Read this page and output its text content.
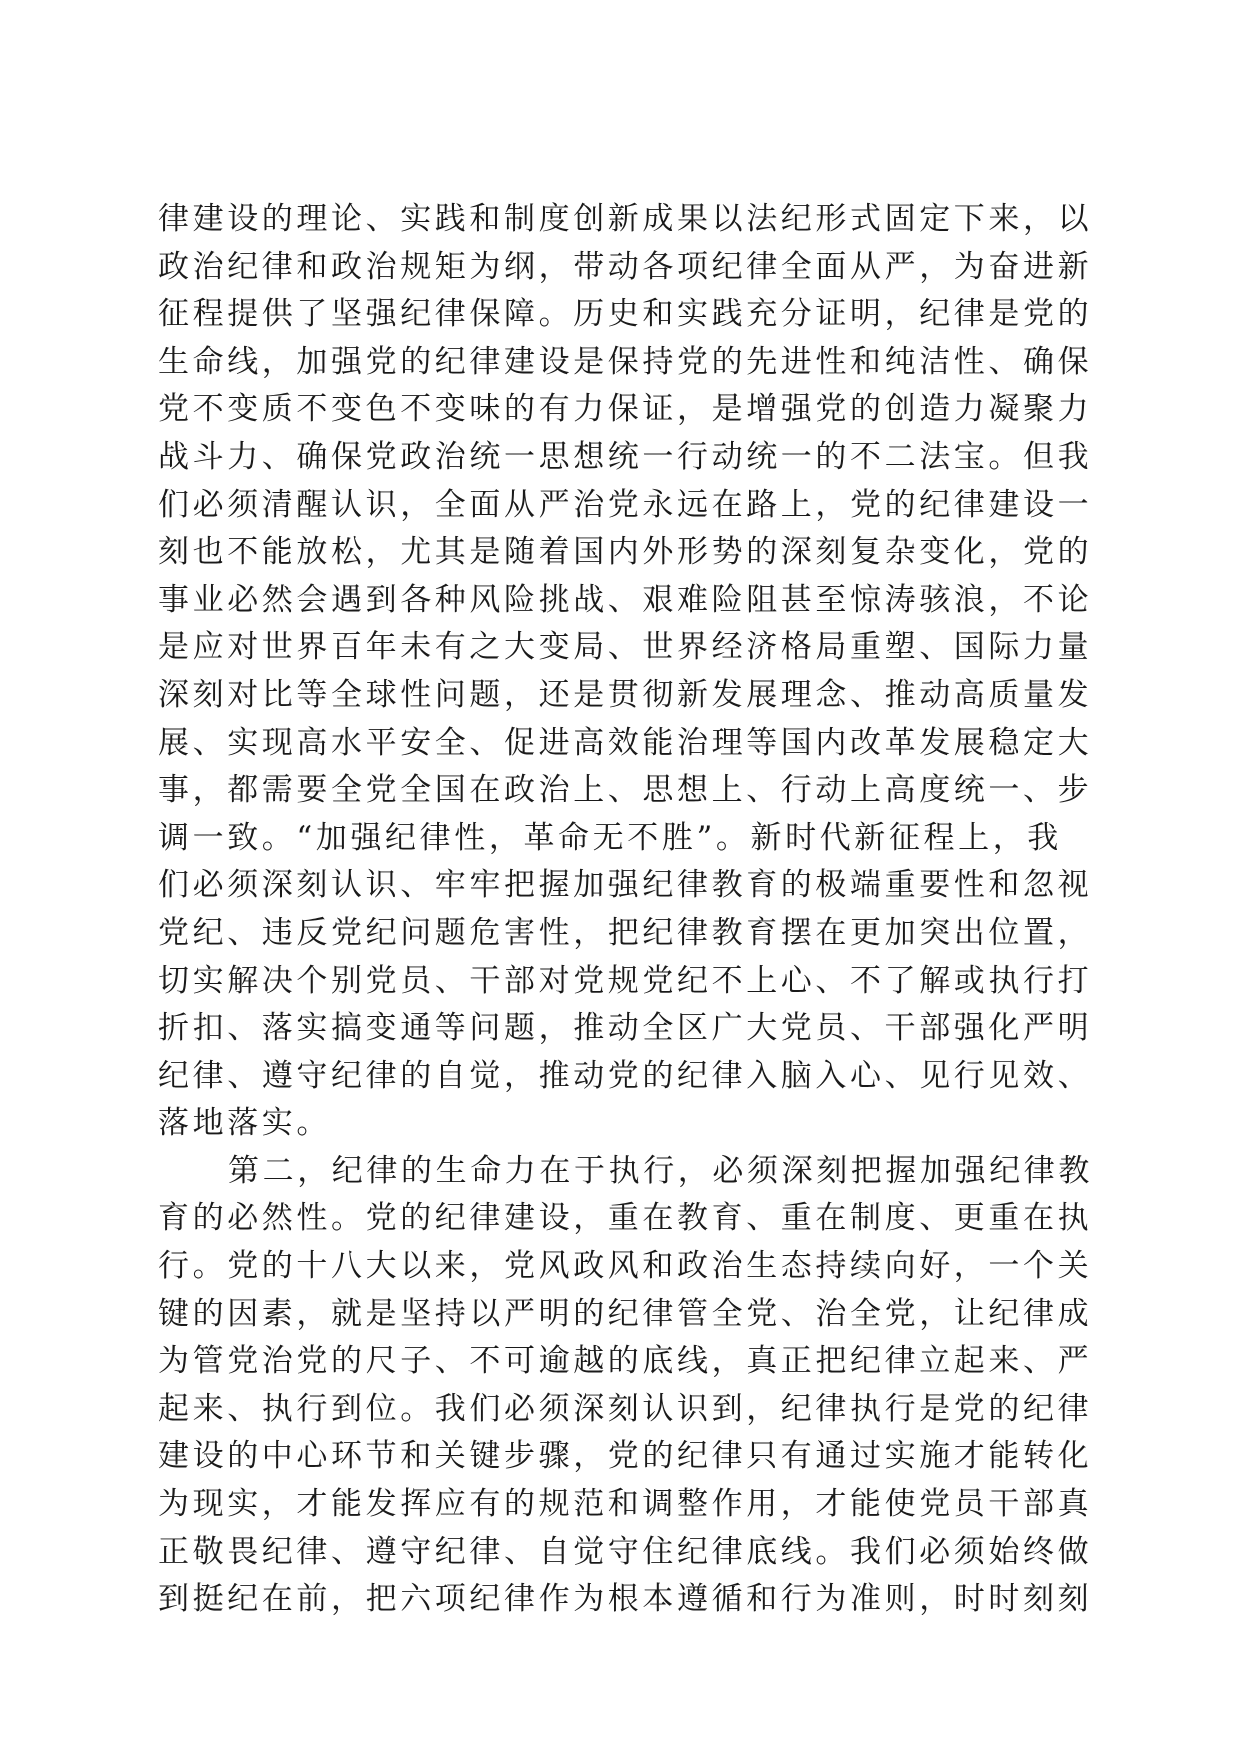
律建设的理论、实践和制度创新成果以法纪形式固定下来，以
政治纪律和政治规矩为纲，带动各项纪律全面从严，为奋进新
征程提供了坚强纪律保障。历史和实践充分证明，纪律是党的
生命线，加强党的纪律建设是保持党的先进性和纯洁性、确保
党不变质不变色不变味的有力保证，是增强党的创造力凝聚力
战斗力、确保党政治统一思想统一行动统一的不二法宝。但我
们必须清醒认识，全面从严治党永远在路上，党的纪律建设一
刻也不能放松，尤其是随着国内外形势的深刻复杂变化，党的
事业必然会遇到各种风险挑战、艰难险阻甚至惊涛骇浪，不论
是应对世界百年未有之大变局、世界经济格局重塑、国际力量
深刻对比等全球性问题，还是贯彻新发展理念、推动高质量发
展、实现高水平安全、促进高效能治理等国内改革发展稳定大
事，都需要全党全国在政治上、思想上、行动上高度统一、步
调一致。“加强纪律性，革命无不胜”。新时代新征程上，我
们必须深刻认识、牢牢把握加强纪律教育的极端重要性和忽视
党纪、违反党纪问题危害性，把纪律教育摆在更加突出位置，
切实解决个别党员、干部对党规党纪不上心、不了解或执行打
折扣、落实搞变通等问题，推动全区广大党员、干部强化严明
纪律、遵守纪律的自觉，推动党的纪律入脑入心、见行见效、
落地落实。
第二，纪律的生命力在于执行，必须深刻把握加强纪律教
育的必然性。党的纪律建设，重在教育、重在制度、更重在执
行。党的十八大以来，党风政风和政治生态持续向好，一个关
键的因素，就是坚持以严明的纪律管全党、治全党，让纪律成
为管党治党的尺子、不可逾越的底线，真正把纪律立起来、严
起来、执行到位。我们必须深刻认识到，纪律执行是党的纪律
建设的中心环节和关键步骤，党的纪律只有通过实施才能转化
为现实，才能发挥应有的规范和调整作用，才能使党员干部真
正敬畏纪律、遵守纪律、自觉守住纪律底线。我们必须始终做
到挺纪在前，把六项纪律作为根本遵循和行为准则，时时刻刻
